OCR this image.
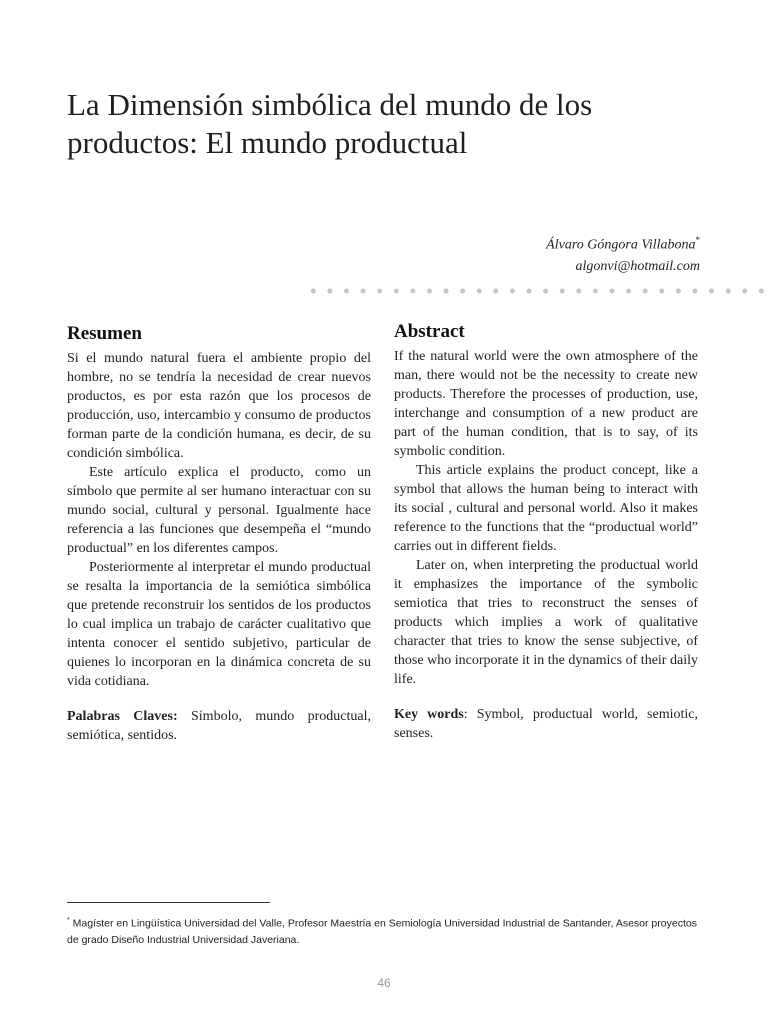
La Dimensión simbólica del mundo de los productos: El mundo productual
Álvaro Góngora Villabona*
algonvi@hotmail.com
Resumen

Si el mundo natural fuera el ambiente propio del hombre, no se tendría la necesidad de crear nuevos productos, es por esta razón que los procesos de producción, uso, intercambio y consumo de productos forman parte de la condición humana, es decir, de su condición simbólica.

Este artículo explica el producto, como un símbolo que permite al ser humano interactuar con su mundo social, cultural y personal. Igualmente hace referencia a las funciones que desempeña el “mundo productual” en los diferentes campos.

Posteriormente al interpretar el mundo productual se resalta la importancia de la semiótica simbólica que pretende reconstruir los sentidos de los productos lo cual implica un trabajo de carácter cualitativo que intenta conocer el sentido subjetivo, particular de quienes lo incorporan en la dinámica concreta de su vida cotidiana.

Palabras Claves: Símbolo, mundo productual, semiótica, sentidos.

Abstract

If the natural world were the own atmosphere of the man, there would not be the necessity to create new products. Therefore the processes of production, use, interchange and consumption of a new product are part of the human condition, that is to say, of its symbolic condition.

This article explains the product concept, like a symbol that allows the human being to interact with its social , cultural and personal world. Also it makes reference to the functions that the “productual world” carries out in different fields.

Later on, when interpreting the productual world it emphasizes the importance of the symbolic semiotica that tries to reconstruct the senses of products which implies a work of qualitative character that tries to know the sense subjective, of those who incorporate it in the dynamics of their daily life.

Key words: Symbol, productual world, semiotic, senses.

* Magíster en Lingüística Universidad del Valle, Profesor Maestría en Semiología Universidad Industrial de Santander, Asesor proyectos de grado Diseño Industrial Universidad Javeriana.

46
